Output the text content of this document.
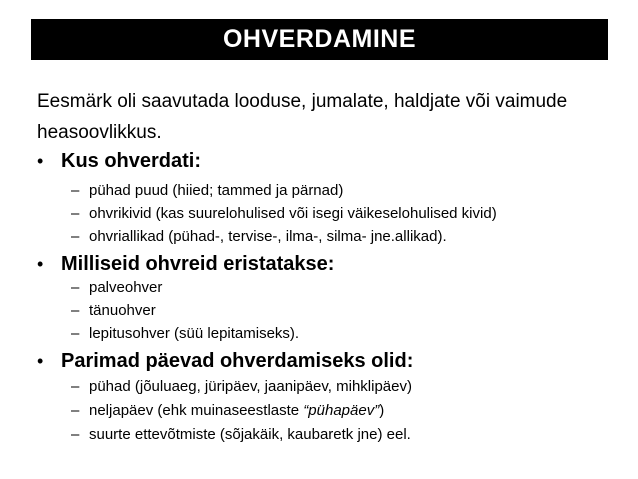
OHVERDAMINE
Eesmärk oli saavutada looduse, jumalate, haldjate või vaimude heasoovlikkus.
• Kus ohverdati:
– pühad puud (hiied; tammed ja pärnad)
– ohvrikivid (kas suurelohulised või isegi väikeselohulised kivid)
– ohvriallikad (pühad-, tervise-, ilma-, silma- jne.allikad).
• Milliseid ohvreid eristatakse:
– palveohver
– tänuohver
– lepitusohver (süü lepitamiseks).
• Parimad päevad ohverdamiseks olid:
– pühad (jõuluaeg, jüripäev, jaanipäev, mihklipäev)
– neljapäev (ehk muinaseestlaste “pühapäev”)
– suurte ettevõtmiste (sõjakäik, kaubaretk jne) eel.
